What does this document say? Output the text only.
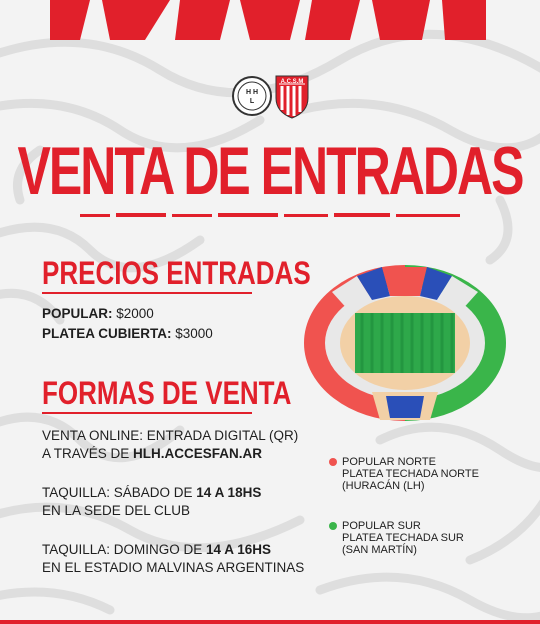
H H
L
A.C.S.M
VENTA DE ENTRADAS
PRECIOS ENTRADAS
POPULAR: $2000
PLATEA CUBIERTA: $3000
FORMAS DE VENTA
VENTA ONLINE: ENTRADA DIGITAL (QR)
A TRAVÉS DE HLH.ACCESFAN.AR
TAQUILLA: SÁBADO DE 14 A 18HS
EN LA SEDE DEL CLUB
TAQUILLA: DOMINGO DE 14 A 16HS
EN EL ESTADIO MALVINAS ARGENTINAS
POPULAR NORTE
PLATEA TECHADA NORTE
(HURACÁN (LH)
POPULAR SUR
PLATEA TECHADA SUR
(SAN MARTÍN)
